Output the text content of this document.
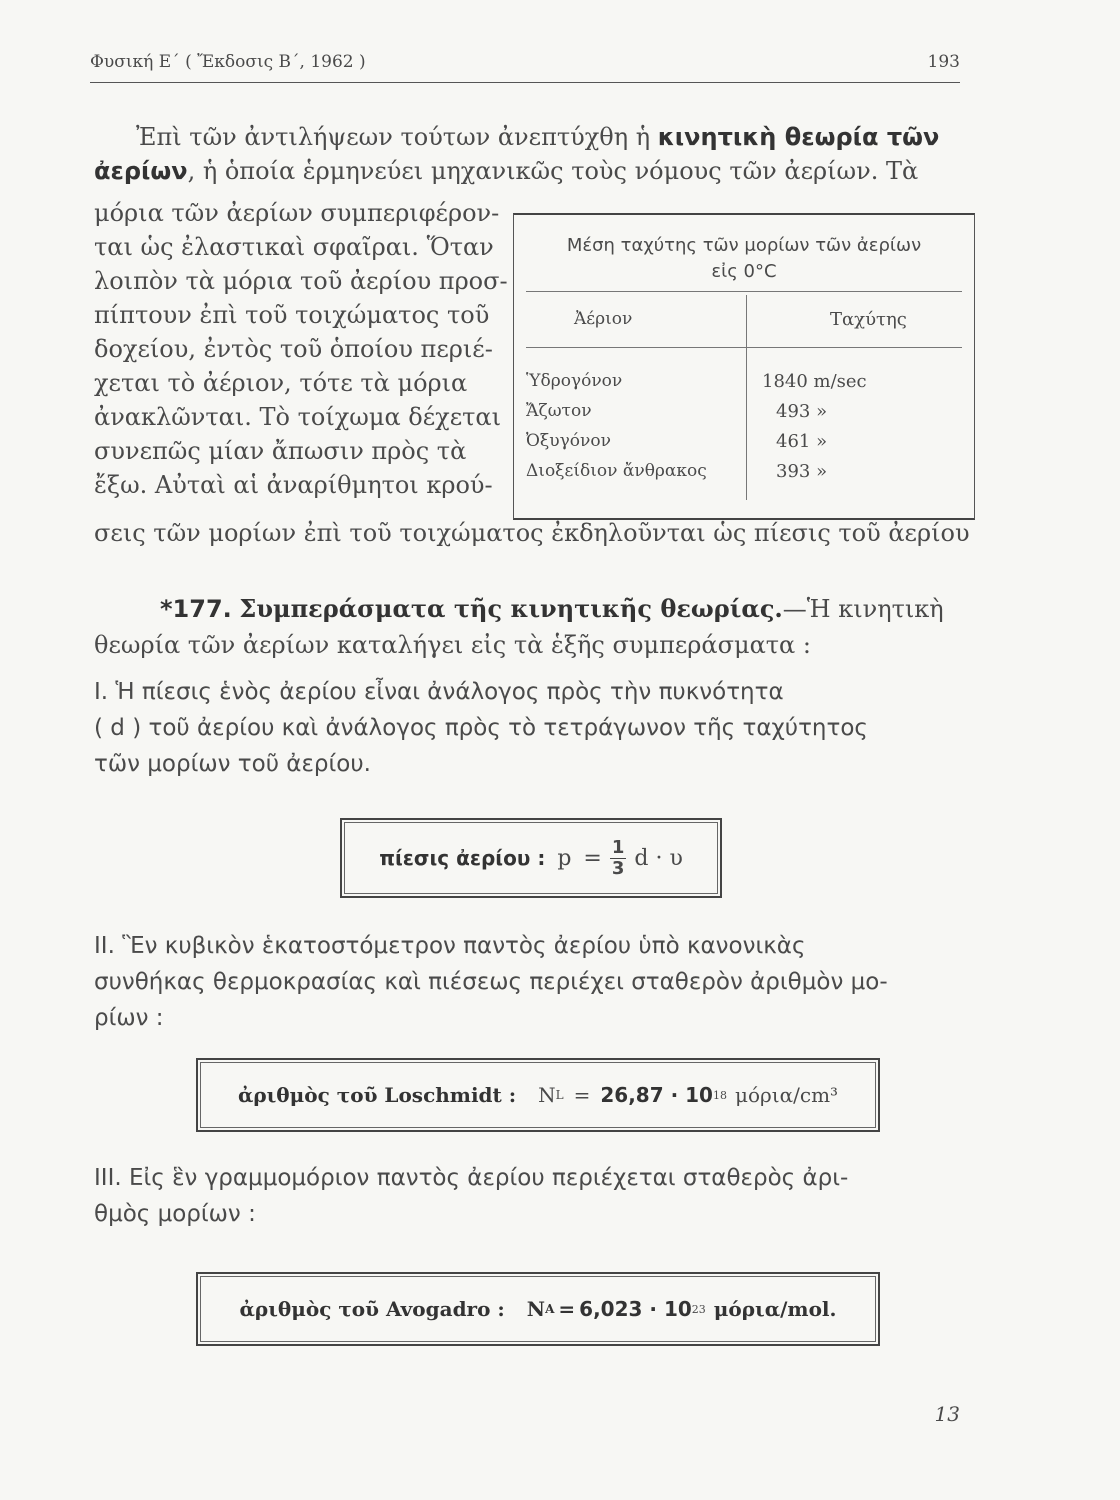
Φυσική Ε΄ ( Ἔκδοσις Β΄, 1962 )	193
Ἐπὶ τῶν ἀντιλήψεων τούτων ἀνεπτύχθη ἡ κινητικὴ θεωρία τῶν
ἀερίων, ἡ ὁποία ἑρμηνεύει μηχανικῶς τοὺς νόμους τῶν ἀερίων. Τὰ
μόρια τῶν ἀερίων συμπεριφέρον-
ται ὡς ἐλαστικαὶ σφαῖραι. Ὅταν
λοιπὸν τὰ μόρια τοῦ ἀερίου προσ-
πίπτουν ἐπὶ τοῦ τοιχώματος τοῦ
δοχείου, ἐντὸς τοῦ ὁποίου περιέ-
χεται τὸ ἀέριον, τότε τὰ μόρια
ἀνακλῶνται. Τὸ τοίχωμα δέχεται
συνεπῶς μίαν ἄπωσιν πρὸς τὰ
ἔξω. Αὐταὶ αἱ ἀναρίθμητοι κρού-
σεις τῶν μορίων ἐπὶ τοῦ τοιχώματος ἐκδηλοῦνται ὡς πίεσις τοῦ ἀερίου
Μέση ταχύτης τῶν μορίων τῶν ἀερίων
εἰς 0°C
Ἀέριον	Ταχύτης
Ὑδρογόνον	1840 m/sec
Ἄζωτον	493 »
Ὀξυγόνον	461 »
Διοξείδιον ἄνθρακος	393 »
*177. Συμπεράσματα τῆς κινητικῆς θεωρίας.—Ἡ κινητικὴ
θεωρία τῶν ἀερίων καταλήγει εἰς τὰ ἑξῆς συμπεράσματα :
I. Ἡ πίεσις ἑνὸς ἀερίου εἶναι ἀνάλογος πρὸς τὴν πυκνότητα
( d ) τοῦ ἀερίου καὶ ἀνάλογος πρὸς τὸ τετράγωνον τῆς ταχύτητος
τῶν μορίων τοῦ ἀερίου.
πίεσις ἀερίου : $p = \frac{1}{3}$ d · υ
II. Ἓν κυβικὸν ἑκατοστόμετρον παντὸς ἀερίου ὑπὸ κανονικὰς
συνθήκας θερμοκρασίας καὶ πιέσεως περιέχει σταθερὸν ἀριθμὸν μο-
ρίων :
ἀριθμὸς τοῦ Loschmidt : N L = 26,87 · 10 18 μόρια/cm³
III. Εἰς ἓν γραμμομόριον παντὸς ἀερίου περιέχεται σταθερὸς ἀρι-
θμὸς μορίων :
ἀριθμὸς τοῦ Avogadro : N A = 6,023 · 10 23 μόρια/mol.
13
